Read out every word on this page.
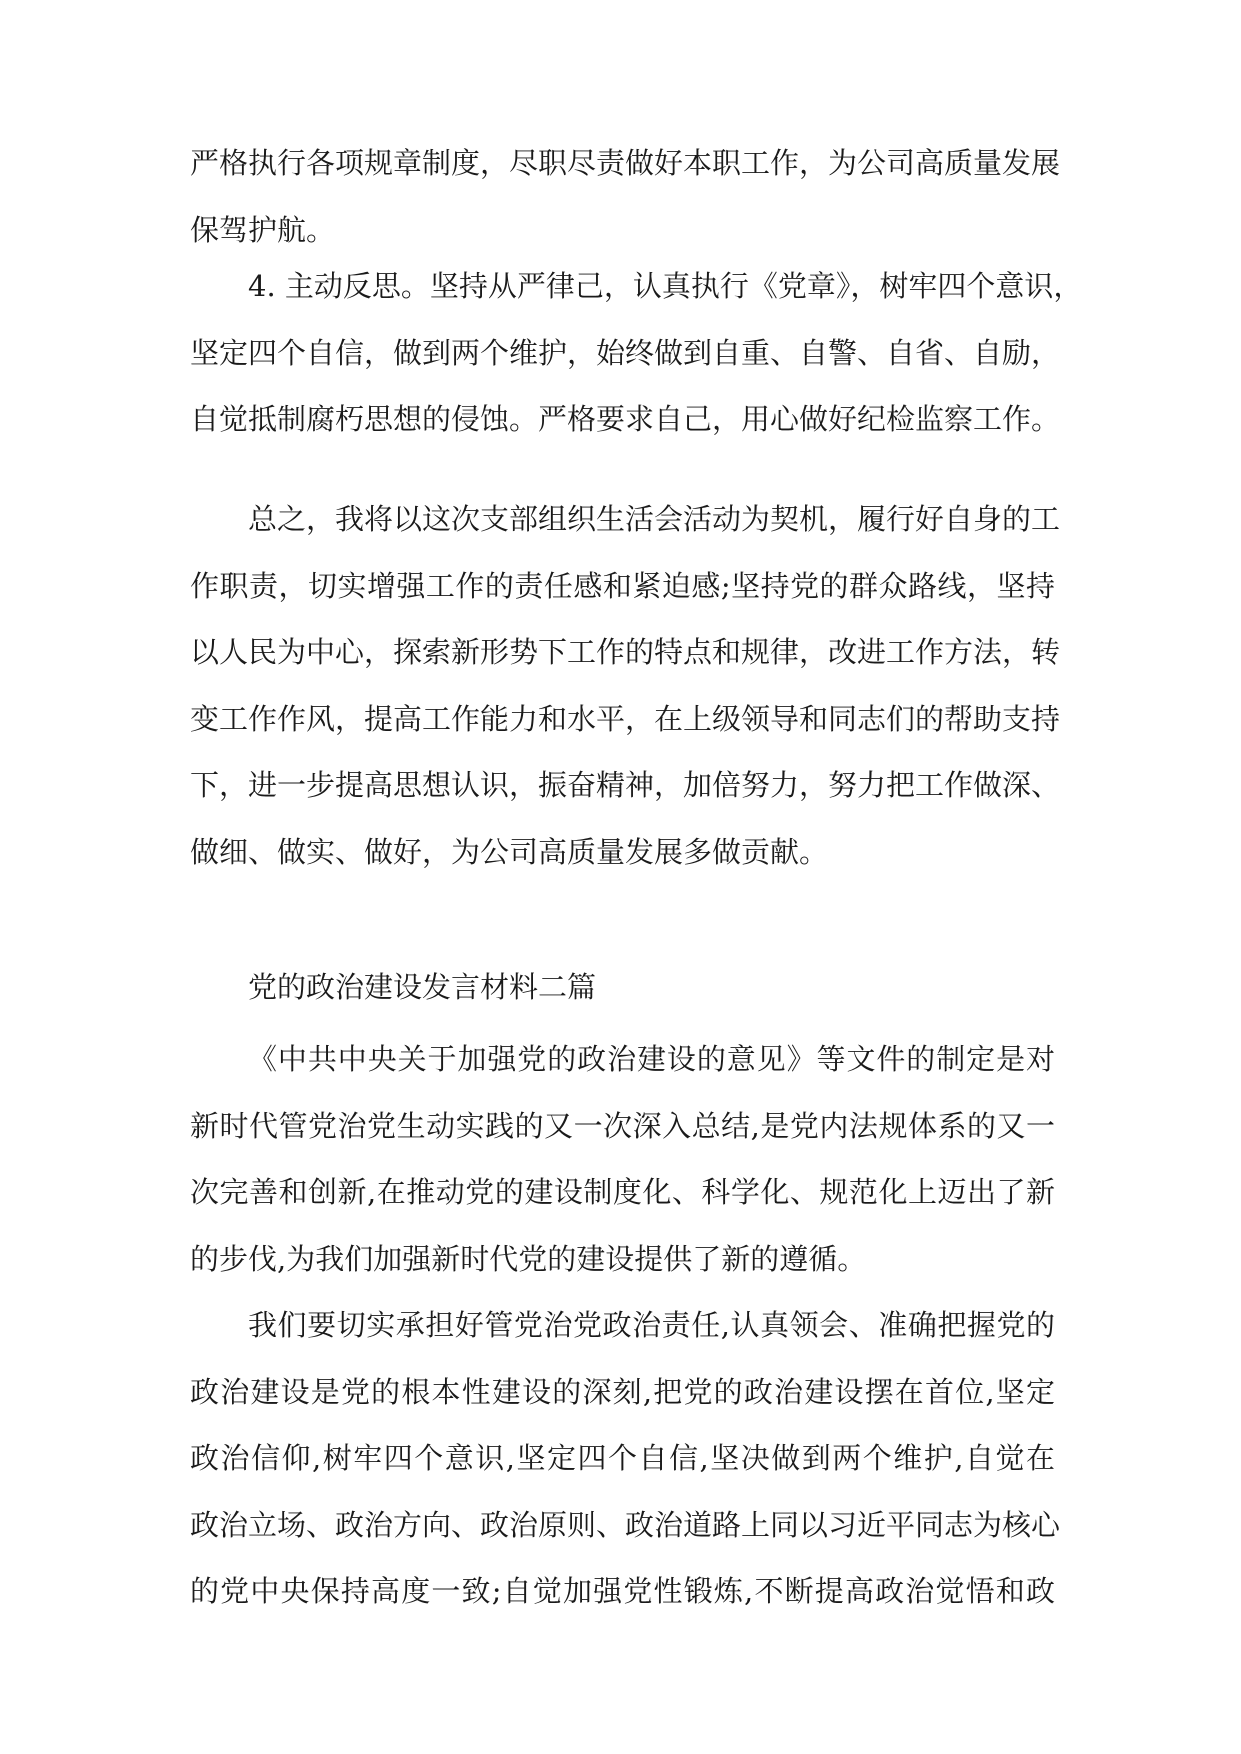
严格执行各项规章制度，尽职尽责做好本职工作，为公司高质量发展
保驾护航。
4. 主动反思。坚持从严律己，认真执行《党章》，树牢四个意识，
坚定四个自信，做到两个维护，始终做到自重、自警、自省、自励，
自觉抵制腐朽思想的侵蚀。严格要求自己，用心做好纪检监察工作。
总之，我将以这次支部组织生活会活动为契机，履行好自身的工
作职责，切实增强工作的责任感和紧迫感;坚持党的群众路线，坚持
以人民为中心，探索新形势下工作的特点和规律，改进工作方法，转
变工作作风，提高工作能力和水平，在上级领导和同志们的帮助支持
下，进一步提高思想认识，振奋精神，加倍努力，努力把工作做深、
做细、做实、做好，为公司高质量发展多做贡献。
党的政治建设发言材料二篇
《中共中央关于加强党的政治建设的意见》等文件的制定是对
新时代管党治党生动实践的又一次深入总结,是党内法规体系的又一
次完善和创新,在推动党的建设制度化、科学化、规范化上迈出了新
的步伐,为我们加强新时代党的建设提供了新的遵循。
我们要切实承担好管党治党政治责任,认真领会、准确把握党的
政治建设是党的根本性建设的深刻,把党的政治建设摆在首位,坚定
政治信仰,树牢四个意识,坚定四个自信,坚决做到两个维护,自觉在
政治立场、政治方向、政治原则、政治道路上同以习近平同志为核心
的党中央保持高度一致;自觉加强党性锻炼,不断提高政治觉悟和政
